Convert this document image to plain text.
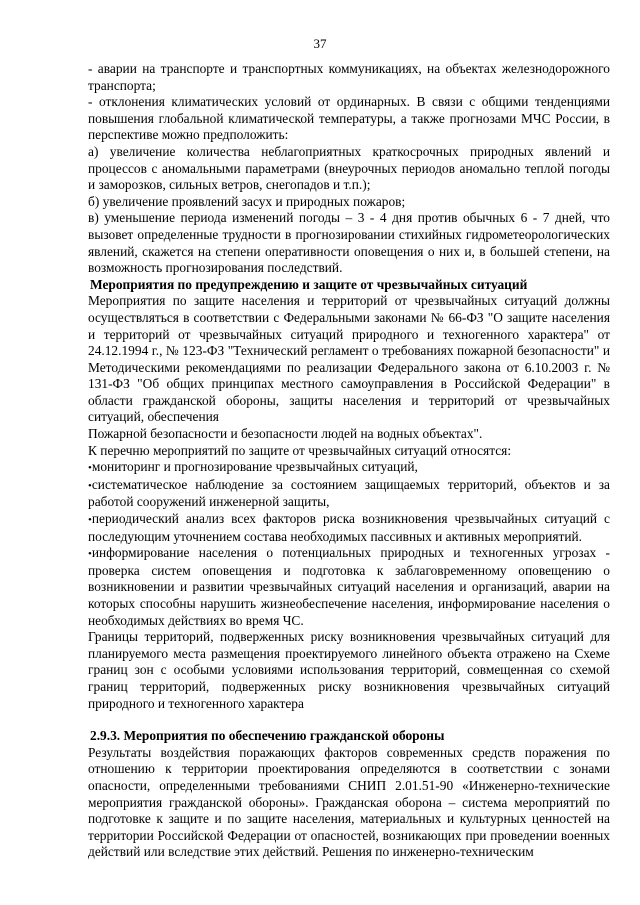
37

- аварии на транспорте и транспортных коммуникациях, на объектах железнодорожного транспорта;

- отклонения климатических условий от ординарных. В связи с общими тенденциями повышения глобальной климатической температуры, а также прогнозами МЧС России, в перспективе можно предположить:

а) увеличение количества неблагоприятных краткосрочных природных явлений и процессов с аномальными параметрами (внеурочных периодов аномально теплой погоды и заморозков, сильных ветров, снегопадов и т.п.);

б) увеличение проявлений засух и природных пожаров;

в) уменьшение периода изменений погоды – 3 - 4 дня против обычных 6 - 7 дней, что вызовет определенные трудности в прогнозировании стихийных гидрометеорологических явлений, скажется на степени оперативности оповещения о них и, в большей степени, на возможность прогнозирования последствий.

Мероприятия по предупреждению и защите от чрезвычайных ситуаций

Мероприятия по защите населения и территорий от чрезвычайных ситуаций должны осуществляться в соответствии с Федеральными законами № 66-ФЗ "О защите населения и территорий от чрезвычайных ситуаций природного и техногенного характера" от 24.12.1994 г., № 123-ФЗ "Технический регламент о требованиях пожарной безопасности" и Методическими рекомендациями по реализации Федерального закона от 6.10.2003 г. № 131-ФЗ "Об общих принципах местного самоуправления в Российской Федерации" в области гражданской обороны, защиты населения и территорий от чрезвычайных ситуаций, обеспечения

Пожарной безопасности и безопасности людей на водных объектах".

К перечню мероприятий по защите от чрезвычайных ситуаций относятся:

•мониторинг и прогнозирование чрезвычайных ситуаций,

•систематическое наблюдение за состоянием защищаемых территорий, объектов и за работой сооружений инженерной защиты,

•периодический анализ всех факторов риска возникновения чрезвычайных ситуаций с последующим уточнением состава необходимых пассивных и активных мероприятий.

•информирование населения о потенциальных природных и техногенных угрозах - проверка систем оповещения и подготовка к заблаговременному оповещению о возникновении и развитии чрезвычайных ситуаций населения и организаций, аварии на которых способны нарушить жизнеобеспечение населения, информирование населения о необходимых действиях во время ЧС.

Границы территорий, подверженных риску возникновения чрезвычайных ситуаций для планируемого места размещения проектируемого линейного объекта отражено на Схеме границ зон с особыми условиями использования территорий, совмещенная со схемой границ территорий, подверженных риску возникновения чрезвычайных ситуаций природного и техногенного характера

2.9.3. Мероприятия по обеспечению гражданской обороны

Результаты воздействия поражающих факторов современных средств поражения по отношению к территории проектирования определяются в соответствии с зонами опасности, определенными требованиями СНИП 2.01.51-90 «Инженерно-технические мероприятия гражданской обороны». Гражданская оборона – система мероприятий по подготовке к защите и по защите населения, материальных и культурных ценностей на территории Российской Федерации от опасностей, возникающих при проведении военных действий или вследствие этих действий. Решения по инженерно-техническим
